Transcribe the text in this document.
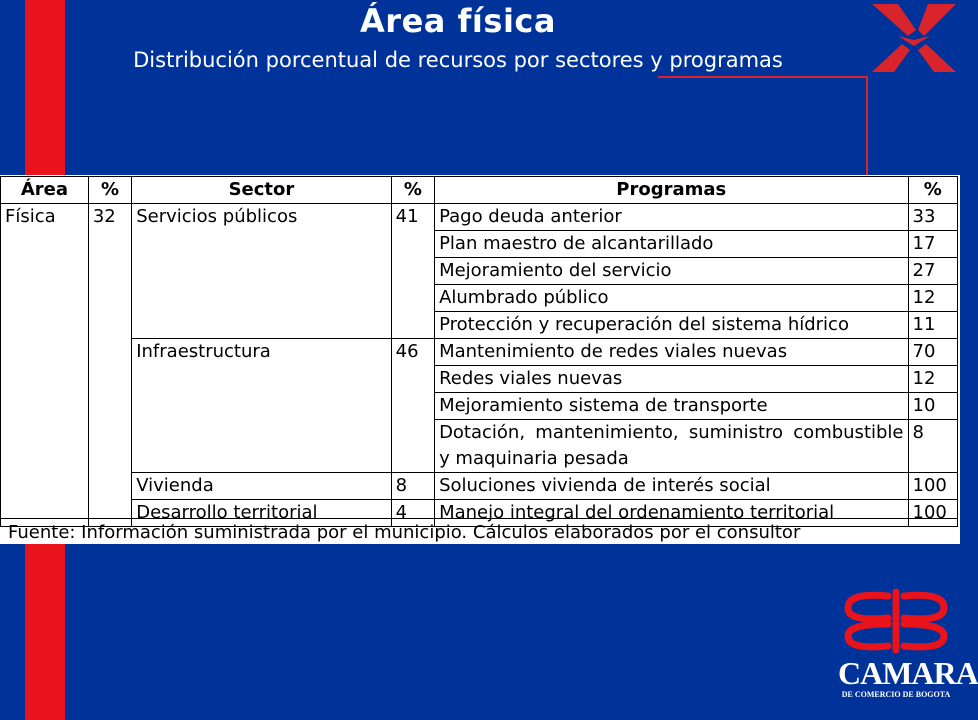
Área física
Distribución porcentual de recursos por sectores y programas
Área	%	Sector	%	Programas	%
Física	32	Servicios públicos	41	Pago deuda anterior	33
				Plan maestro de alcantarillado	17
				Mejoramiento del servicio	27
				Alumbrado público	12
				Protección y recuperación del sistema hídrico	11
		Infraestructura	46	Mantenimiento de redes viales nuevas	70
				Redes viales nuevas	12
				Mejoramiento sistema de transporte	10
				Dotación, mantenimiento, suministro combustible y maquinaria pesada	8
		Vivienda	8	Soluciones vivienda de interés social	100
		Desarrollo territorial	4	Manejo integral del ordenamiento territorial	100
Fuente: Información suministrada por el municipio. Cálculos elaborados por el consultor
CAMARA
DE COMERCIO DE BOGOTA
